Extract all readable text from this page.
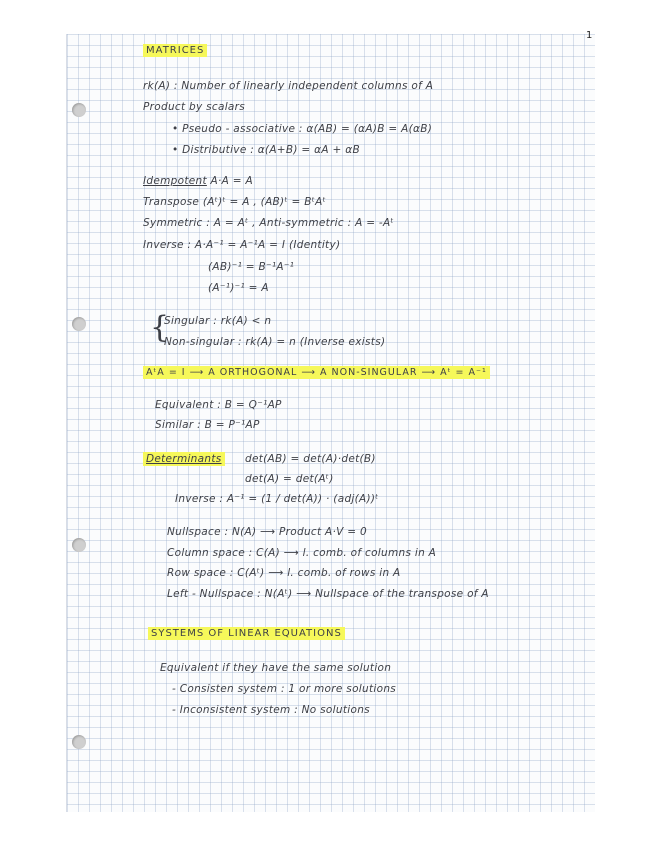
1
MATRICES
rk(A) : Number of linearly independent columns of A
Product by scalars
• Pseudo - associative : α(AB) = (αA)B = A(αB)
• Distributive : α(A+B) = αA + αB
Idempotent A·A = A
Transpose (Aᵗ)ᵗ = A , (AB)ᵗ = BᵗAᵗ
Symmetric : A = Aᵗ , Anti-symmetric : A = -Aᵗ
Inverse : A·A⁻¹ = A⁻¹A = I (Identity)
(AB)⁻¹ = B⁻¹A⁻¹
(A⁻¹)⁻¹ = A
{
Singular : rk(A) < n
Non-singular : rk(A) = n (Inverse exists)
AᵗA = I ⟶ A ORTHOGONAL ⟶ A NON-SINGULAR ⟶ Aᵗ = A⁻¹
Equivalent : B = Q⁻¹AP
Similar : B = P⁻¹AP
Determinants det(AB) = det(A)·det(B)
det(A) = det(Aᵗ)
Inverse : A⁻¹ = (1 / det(A)) · (adj(A))ᵗ
Nullspace : N(A) ⟶ Product A·V = 0
Column space : C(A) ⟶ l. comb. of columns in A
Row space : C(Aᵗ) ⟶ l. comb. of rows in A
Left - Nullspace : N(Aᵗ) ⟶ Nullspace of the transpose of A
SYSTEMS OF LINEAR EQUATIONS
Equivalent if they have the same solution
- Consisten system : 1 or more solutions
- Inconsistent system : No solutions
